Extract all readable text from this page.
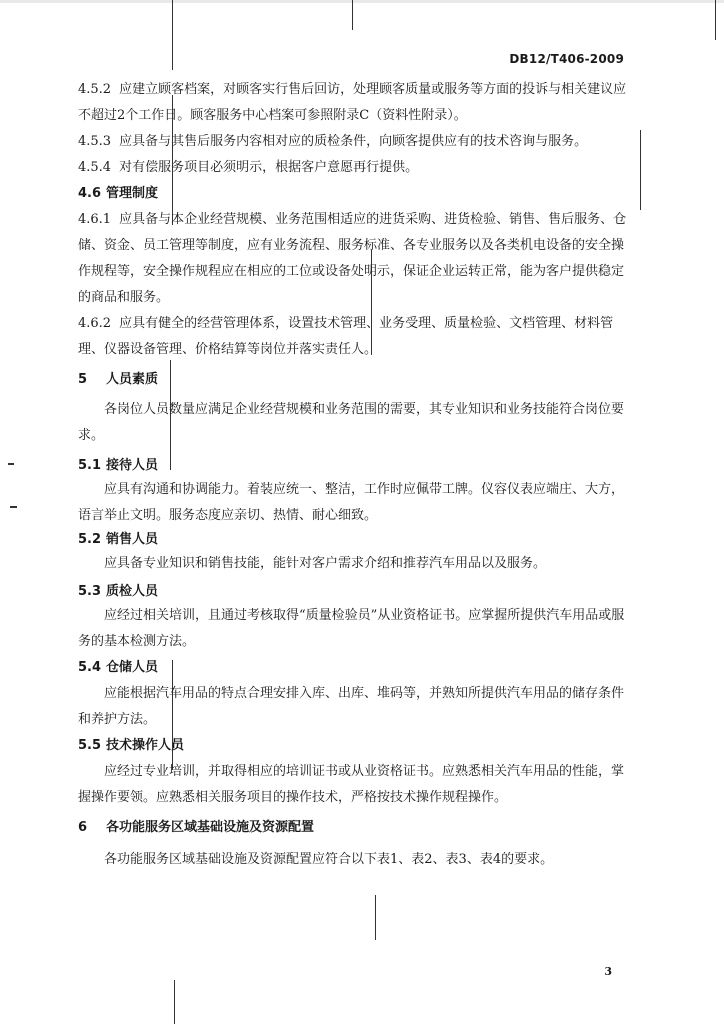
DB12/T406-2009
4.5.2 应建立顾客档案，对顾客实行售后回访，处理顾客质量或服务等方面的投诉与相关建议应不超过2个工作日。顾客服务中心档案可参照附录C（资料性附录）。
4.5.3 应具备与其售后服务内容相对应的质检条件，向顾客提供应有的技术咨询与服务。
4.5.4 对有偿服务项目必须明示，根据客户意愿再行提供。
4.6 管理制度
4.6.1 应具备与本企业经营规模、业务范围相适应的进货采购、进货检验、销售、售后服务、仓储、资金、员工管理等制度，应有业务流程、服务标准、各专业服务以及各类机电设备的安全操作规程等，安全操作规程应在相应的工位或设备处明示，保证企业运转正常，能为客户提供稳定的商品和服务。
4.6.2 应具有健全的经营管理体系，设置技术管理、业务受理、质量检验、文档管理、材料管理、仪器设备管理、价格结算等岗位并落实责任人。
5 人员素质
各岗位人员数量应满足企业经营规模和业务范围的需要，其专业知识和业务技能符合岗位要求。
5.1 接待人员
应具有沟通和协调能力。着装应统一、整洁，工作时应佩带工牌。仪容仪表应端庄、大方，语言举止文明。服务态度应亲切、热情、耐心细致。
5.2 销售人员
应具备专业知识和销售技能，能针对客户需求介绍和推荐汽车用品以及服务。
5.3 质检人员
应经过相关培训，且通过考核取得“质量检验员”从业资格证书。应掌握所提供汽车用品或服务的基本检测方法。
5.4 仓储人员
应能根据汽车用品的特点合理安排入库、出库、堆码等，并熟知所提供汽车用品的储存条件和养护方法。
5.5 技术操作人员
应经过专业培训，并取得相应的培训证书或从业资格证书。应熟悉相关汽车用品的性能，掌握操作要领。应熟悉相关服务项目的操作技术，严格按技术操作规程操作。
6 各功能服务区域基础设施及资源配置
各功能服务区域基础设施及资源配置应符合以下表1、表2、表3、表4的要求。
3
